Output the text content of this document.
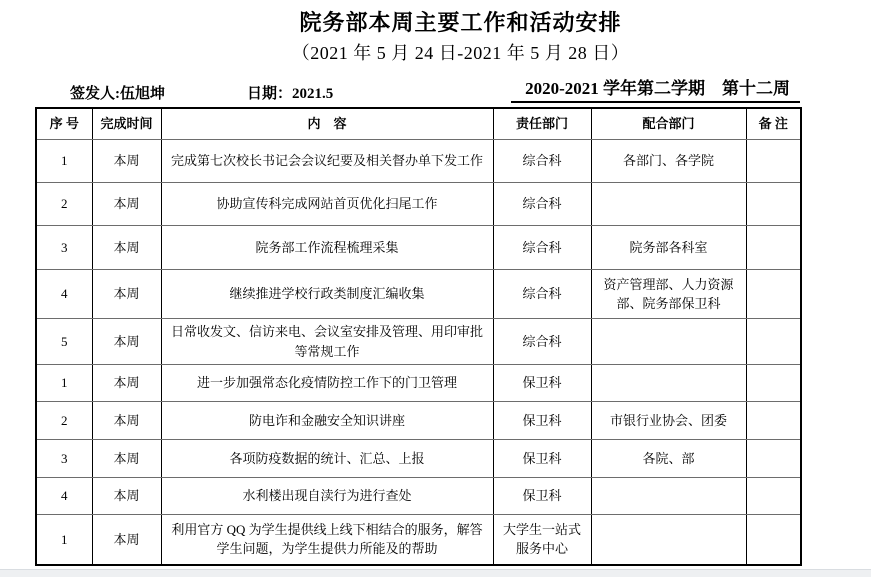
院务部本周主要工作和活动安排
（2021 年 5 月 24 日-2021 年 5 月 28 日）
签发人:伍旭坤	日期：2021.5	2020-2021 学年第二学期　第十二周
序 号	完成时间	内　容	责任部门	配合部门	备 注
1	本周	完成第七次校长书记会会议纪要及相关督办单下发工作	综合科	各部门、各学院	
2	本周	协助宣传科完成网站首页优化扫尾工作	综合科		
3	本周	院务部工作流程梳理采集	综合科	院务部各科室	
4	本周	继续推进学校行政类制度汇编收集	综合科	资产管理部、人力资源部、院务部保卫科	
5	本周	日常收发文、信访来电、会议室安排及管理、用印审批等常规工作	综合科		
1	本周	进一步加强常态化疫情防控工作下的门卫管理	保卫科		
2	本周	防电诈和金融安全知识讲座	保卫科	市银行业协会、团委	
3	本周	各项防疫数据的统计、汇总、上报	保卫科	各院、部	
4	本周	水利楼出现自渎行为进行查处	保卫科		
1	本周	利用官方 QQ 为学生提供线上线下相结合的服务，解答学生问题，为学生提供力所能及的帮助	大学生一站式服务中心		
